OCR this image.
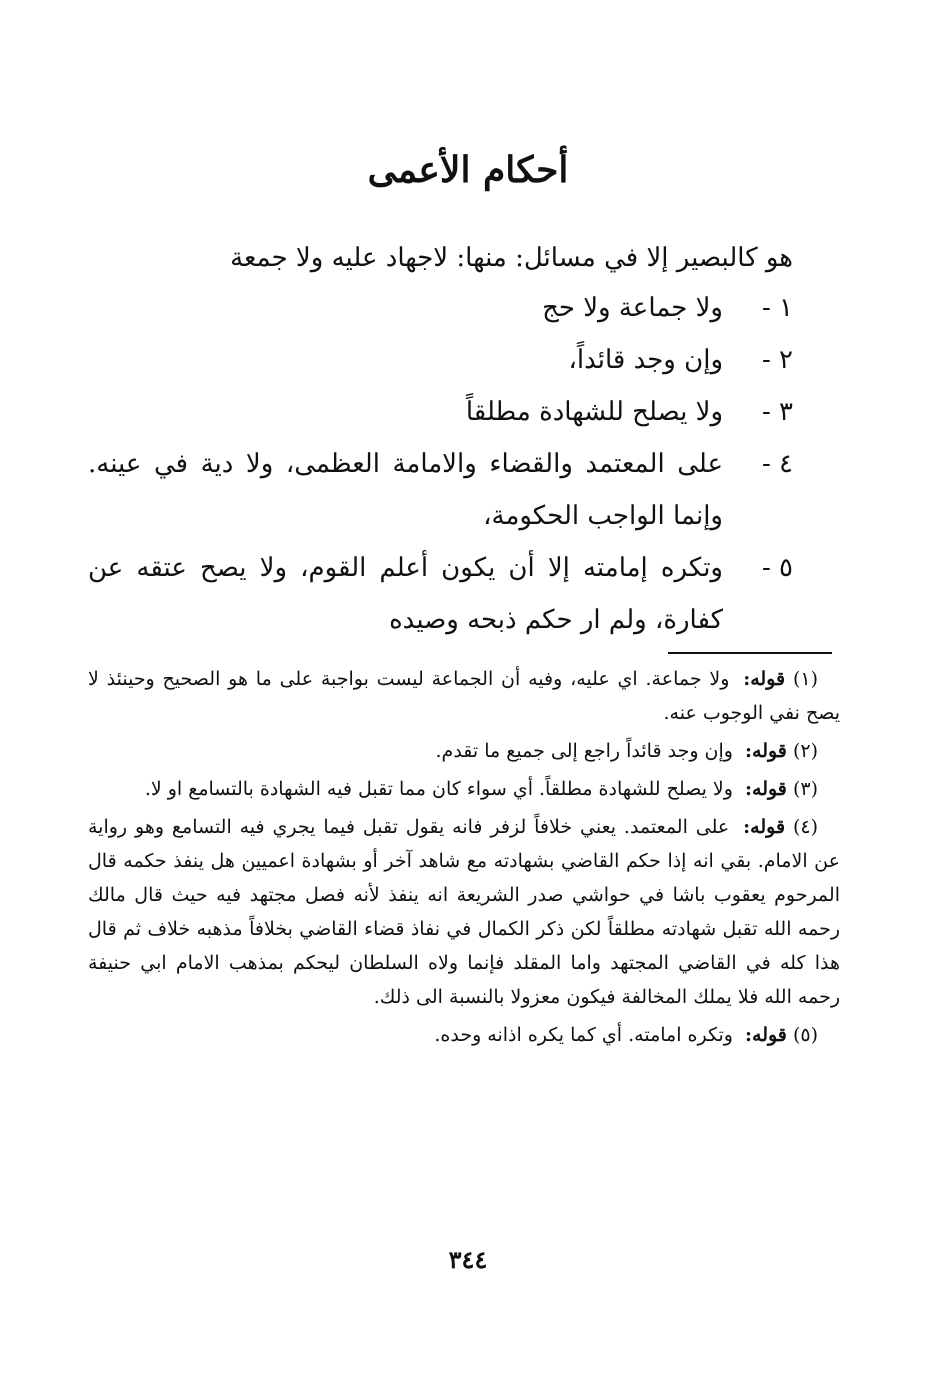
أحكام الأعمى
هو كالبصير إلا في مسائل: منها: لاجهاد عليه ولا جمعة
١ -
ولا جماعة ولا حج
٢ -
وإن وجد قائداً،
٣ -
ولا يصلح للشهادة مطلقاً
٤ -
على المعتمد والقضاء والامامة العظمى، ولا دية في عينه. وإنما الواجب الحكومة،
٥ -
وتكره إمامته إلا أن يكون أعلم القوم، ولا يصح عتقه عن كفارة، ولم ار حكم ذبحه وصيده
(١) قوله: ولا جماعة. اي عليه، وفيه أن الجماعة ليست بواجبة على ما هو الصحيح وحينئذ لا يصح نفي الوجوب عنه.
(٢) قوله: وإن وجد قائداً راجع إلى جميع ما تقدم.
(٣) قوله: ولا يصلح للشهادة مطلقاً. أي سواء كان مما تقبل فيه الشهادة بالتسامع او لا.
(٤) قوله: على المعتمد. يعني خلافاً لزفر فانه يقول تقبل فيما يجري فيه التسامع وهو رواية عن الامام. بقي انه إذا حكم القاضي بشهادته مع شاهد آخر أو بشهادة اعميين هل ينفذ حكمه قال المرحوم يعقوب باشا في حواشي صدر الشريعة انه ينفذ لأنه فصل مجتهد فيه حيث قال مالك رحمه الله تقبل شهادته مطلقاً لكن ذكر الكمال في نفاذ قضاء القاضي بخلافاً مذهبه خلاف ثم قال هذا كله في القاضي المجتهد واما المقلد فإنما ولاه السلطان ليحكم بمذهب الامام ابي حنيفة رحمه الله فلا يملك المخالفة فيكون معزولا بالنسبة الى ذلك.
(٥) قوله: وتكره امامته. أي كما يكره اذانه وحده.
٣٤٤
